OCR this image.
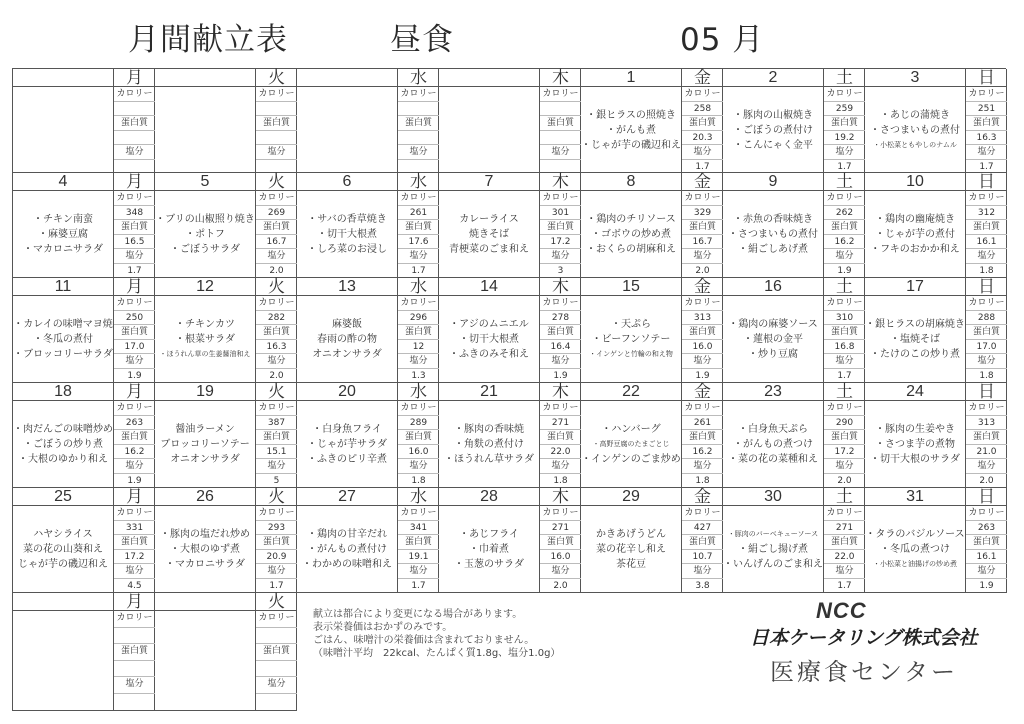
月間献立表	昼食	05 月
月
カロリー
蛋白質
塩分
火
カロリー
蛋白質
塩分
水
カロリー
蛋白質
塩分
木
カロリー
蛋白質
塩分
1	金
・銀ヒラスの照焼き
・がんも煮
・じゃが芋の磯辺和え
カロリー
258
蛋白質
20.3
塩分
1.7
2	土
・豚肉の山椒焼き
・ごぼうの煮付け
・こんにゃく金平
カロリー
259
蛋白質
19.2
塩分
1.7
3	日
・あじの蒲焼き
・さつまいもの煮付
・小松菜ともやしのナムル
カロリー
251
蛋白質
16.3
塩分
1.7
4	月
・チキン南蛮
・麻婆豆腐
・マカロニサラダ
カロリー
348
蛋白質
16.5
塩分
1.7
5	火
・ブリの山椒照り焼き
・ポトフ
・ごぼうサラダ
カロリー
269
蛋白質
16.7
塩分
2.0
6	水
・サバの香草焼き
・切干大根煮
・しろ菜のお浸し
カロリー
261
蛋白質
17.6
塩分
1.7
7	木
カレーライス
焼きそば
青梗菜のごま和え
カロリー
301
蛋白質
17.2
塩分
3
8	金
・鶏肉のチリソース
・ゴボウの炒め煮
・おくらの胡麻和え
カロリー
329
蛋白質
16.7
塩分
2.0
9	土
・赤魚の香味焼き
・さつまいもの煮付
・絹ごしあげ煮
カロリー
262
蛋白質
16.2
塩分
1.9
10	日
・鶏肉の幽庵焼き
・じゃが芋の煮付
・フキのおかか和え
カロリー
312
蛋白質
16.1
塩分
1.8
11	月
・カレイの味噌マヨ焼
・冬瓜の煮付
・ブロッコリーサラダ
カロリー
250
蛋白質
17.0
塩分
1.9
12	火
・チキンカツ
・根菜サラダ
・ほうれん草の生姜醤油和え
カロリー
282
蛋白質
16.3
塩分
2.0
13	水
麻婆飯
春雨の酢の物
オニオンサラダ
カロリー
296
蛋白質
12
塩分
1.3
14	木
・アジのムニエル
・切干大根煮
・ふきのみそ和え
カロリー
278
蛋白質
16.4
塩分
1.9
15	金
・天ぷら
・ビーフンソテー
・インゲンと竹輪の和え物
カロリー
313
蛋白質
16.0
塩分
1.9
16	土
・鶏肉の麻婆ソース
・蓮根の金平
・炒り豆腐
カロリー
310
蛋白質
16.8
塩分
1.7
17	日
・銀ヒラスの胡麻焼き
・塩焼そば
・たけのこの炒り煮
カロリー
288
蛋白質
17.0
塩分
1.8
18	月
・肉だんごの味噌炒め
・ごぼうの炒り煮
・大根のゆかり和え
カロリー
263
蛋白質
16.2
塩分
1.9
19	火
醤油ラーメン
ブロッコリーソテー
オニオンサラダ
カロリー
387
蛋白質
15.1
塩分
5
20	水
・白身魚フライ
・じゃが芋サラダ
・ふきのピリ辛煮
カロリー
289
蛋白質
16.0
塩分
1.8
21	木
・豚肉の香味焼
・角麩の煮付け
・ほうれん草サラダ
カロリー
271
蛋白質
22.0
塩分
1.8
22	金
・ハンバーグ
・高野豆腐のたまごとじ
・インゲンのごま炒め
カロリー
261
蛋白質
16.2
塩分
1.8
23	土
・白身魚天ぷら
・がんもの煮つけ
・菜の花の菜種和え
カロリー
290
蛋白質
17.2
塩分
2.0
24	日
・豚肉の生姜やき
・さつま芋の煮物
・切干大根のサラダ
カロリー
313
蛋白質
21.0
塩分
2.0
25	月
ハヤシライス
菜の花の山葵和え
じゃが芋の磯辺和え
カロリー
331
蛋白質
17.2
塩分
4.5
26	火
・豚肉の塩だれ炒め
・大根のゆず煮
・マカロニサラダ
カロリー
293
蛋白質
20.9
塩分
1.7
27	水
・鶏肉の甘辛だれ
・がんもの煮付け
・わかめの味噌和え
カロリー
341
蛋白質
19.1
塩分
1.7
28	木
・あじフライ
・巾着煮
・玉葱のサラダ
カロリー
271
蛋白質
16.0
塩分
2.0
29	金
かきあげうどん
菜の花辛し和え
茶花豆
カロリー
427
蛋白質
10.7
塩分
3.8
30	土
・豚肉のバーベキューソース
・絹ごし揚げ煮
・いんげんのごま和え
カロリー
271
蛋白質
22.0
塩分
1.7
31	日
・タラのバジルソース
・冬瓜の煮つけ
・小松菜と油揚げの炒め煮
カロリー
263
蛋白質
16.1
塩分
1.9
月
カロリー
蛋白質
塩分
火
カロリー
蛋白質
塩分
献立は都合により変更になる場合があります。
表示栄養価はおかずのみです。
ごはん、味噌汁の栄養価は含まれておりません。
（味噌汁平均　22kcal、たんぱく質1.8g、塩分1.0g）
NCC
日本ケータリング株式会社
医療食センター
